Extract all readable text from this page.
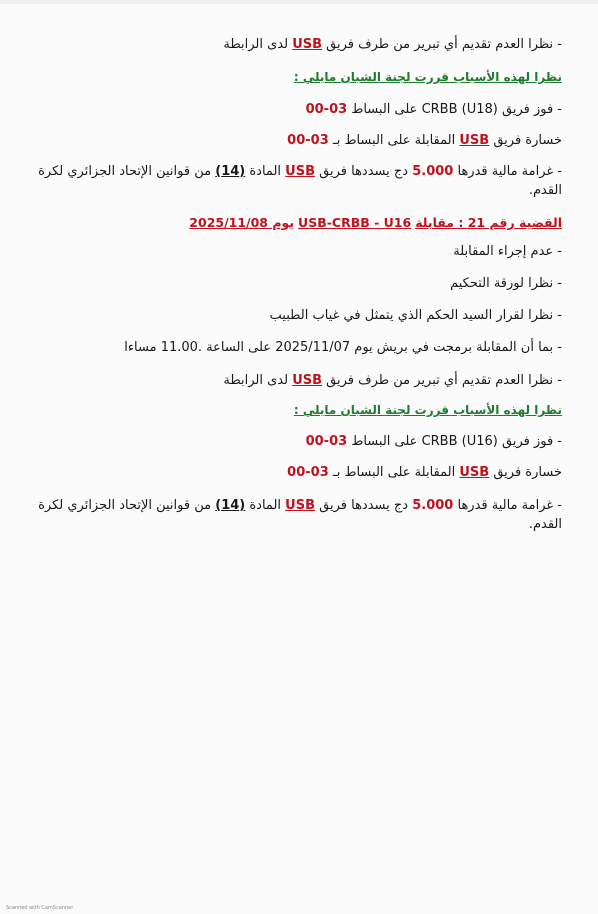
- نظرا العدم تقديم أي تبرير من طرف فريق USB لدى الرابطة
نظرا لهذه الأسباب قررت لجنة الشبان مايلي :
- فوز فريق CRBB (U18) على البساط 03-00
خسارة فريق USB المقابلة على البساط بـ 03-00
- غرامة مالية قدرها 5.000 دج يسددها فريق USB المادة (14) من قوانين الإتحاد الجزائري لكرة القدم.
القضية رقم 21 : مقابلة USB-CRBB - U16 يوم 2025/11/08
- عدم إجراء المقابلة
- نظرا لورقة التحكيم
- نظرا لقرار السيد الحكم الذي يتمثل في غياب الطبيب
- بما أن المقابلة برمجت في بريش يوم 2025/11/07 على الساعة .11.00 مساءا
- نظرا العدم تقديم أي تبرير من طرف فريق USB لدى الرابطة
نظرا لهذه الأسباب قررت لجنة الشبان مايلي :
- فوز فريق CRBB (U16) على البساط 03-00
خسارة فريق USB المقابلة على البساط بـ 03-00
- غرامة مالية قدرها 5.000 دج يسددها فريق USB المادة (14) من قوانين الإتحاد الجزائري لكرة القدم.
Scanned with CamScanner
